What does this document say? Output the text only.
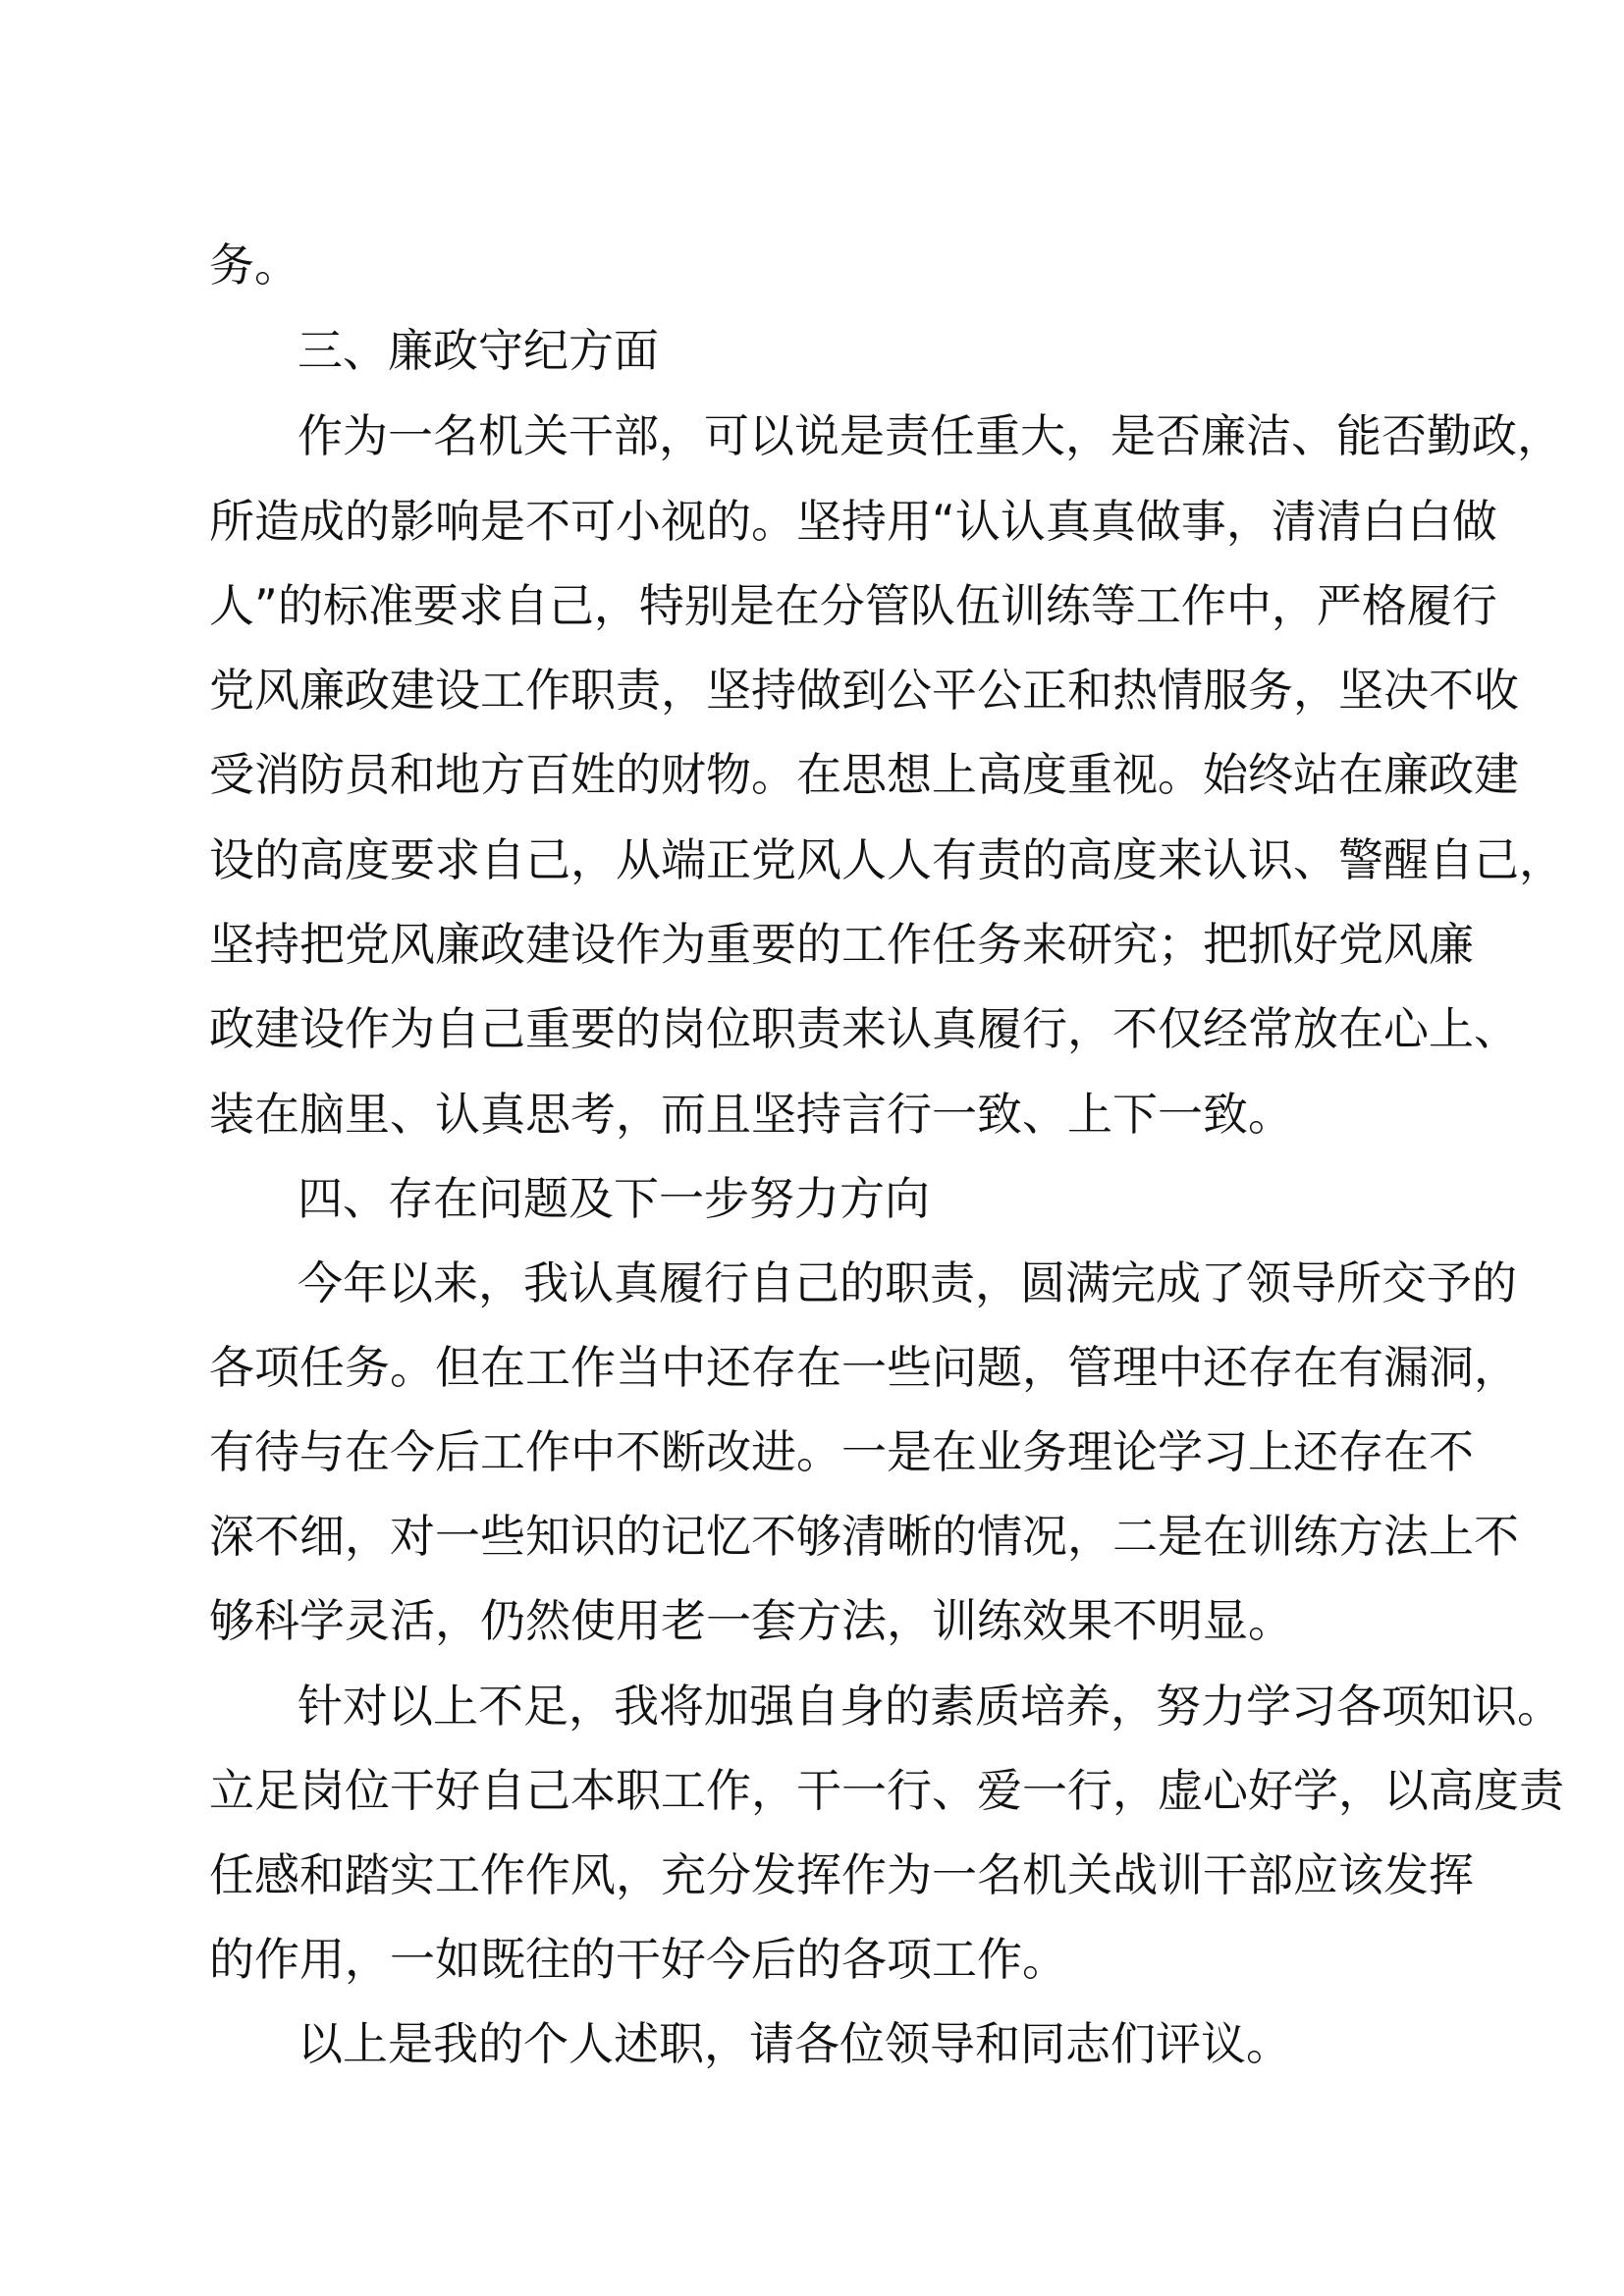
务。
三、廉政守纪方面
作为一名机关干部，可以说是责任重大，是否廉洁、能否勤政，
所造成的影响是不可小视的。坚持用“认认真真做事，清清白白做
人”的标准要求自己，特别是在分管队伍训练等工作中，严格履行
党风廉政建设工作职责，坚持做到公平公正和热情服务，坚决不收
受消防员和地方百姓的财物。在思想上高度重视。始终站在廉政建
设的高度要求自己，从端正党风人人有责的高度来认识、警醒自己，
坚持把党风廉政建设作为重要的工作任务来研究；把抓好党风廉
政建设作为自己重要的岗位职责来认真履行，不仅经常放在心上、
装在脑里、认真思考，而且坚持言行一致、上下一致。
四、存在问题及下一步努力方向
今年以来，我认真履行自己的职责，圆满完成了领导所交予的
各项任务。但在工作当中还存在一些问题，管理中还存在有漏洞，
有待与在今后工作中不断改进。一是在业务理论学习上还存在不
深不细，对一些知识的记忆不够清晰的情况，二是在训练方法上不
够科学灵活，仍然使用老一套方法，训练效果不明显。
针对以上不足，我将加强自身的素质培养，努力学习各项知识。
立足岗位干好自己本职工作，干一行、爱一行，虚心好学，以高度责
任感和踏实工作作风，充分发挥作为一名机关战训干部应该发挥
的作用，一如既往的干好今后的各项工作。
以上是我的个人述职，请各位领导和同志们评议。
